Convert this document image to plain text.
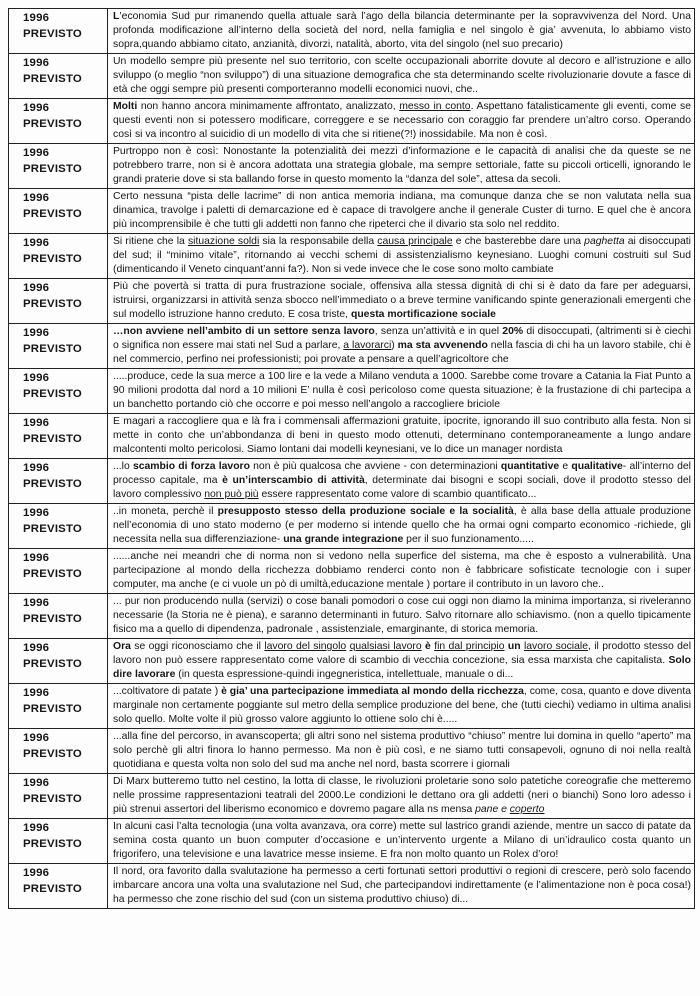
1996
PREVISTO	L’economia Sud pur rimanendo quella attuale sarà l’ago della bilancia determinante per la sopravvivenza del Nord. Una profonda modificazione all’interno della società del nord, nella famiglia e nel singolo è gia’ avvenuta, lo abbiamo visto sopra,quando abbiamo citato, anzianità, divorzi, natalità, aborto, vita del singolo (nel suo precario)

1996
PREVISTO	Un modello sempre più presente nel suo territorio, con scelte occupazionali aborrite dovute al decoro e all’istruzione e allo sviluppo (o meglio “non sviluppo”) di una situazione demografica che sta determinando scelte rivoluzionarie dovute a fasce di età che oggi sempre più presenti comporteranno modelli economici nuovi, che..

1996
PREVISTO	Molti non hanno ancora minimamente affrontato, analizzato, messo in conto. Aspettano fatalisticamente gli eventi, come se questi eventi non si potessero modificare, correggere e se necessario con coraggio far prendere un’altro corso. Operando così si va incontro al suicidio di un modello di vita che si ritiene(?!) inossidabile. Ma non è così.

1996
PREVISTO	Purtroppo non è così: Nonostante la potenzialità dei mezzi d’informazione e le capacità di analisi che da queste se ne potrebbero trarre, non si è ancora adottata una strategia globale, ma sempre settoriale, fatte su piccoli orticelli, ignorando le grandi praterie dove si sta ballando forse in questo momento la “danza del sole”, attesa da secoli.

1996
PREVISTO	Certo nessuna “pista delle lacrime” di non antica memoria indiana, ma comunque danza che se non valutata nella sua dinamica, travolge i paletti di demarcazione ed è capace di travolgere anche il generale Custer di turno. E quel che è ancora più incomprensibile è che tutti gli addetti non fanno che ripeterci che il divario sta solo nel reddito.

1996
PREVISTO	Si ritiene che la situazione soldi sia la responsabile della causa principale e che basterebbe dare una paghetta ai disoccupati del sud; il “minimo vitale”, ritornando ai vecchi schemi di assistenzialismo keynesiano. Luoghi comuni costruiti sul Sud (dimenticando il Veneto cinquant’anni fa?). Non si vede invece che le cose sono molto cambiate

1996
PREVISTO	Più che povertà si tratta di pura frustrazione sociale, offensiva alla stessa dignità di chi si è dato da fare per adeguarsi, istruirsi, organizzarsi in attività senza sbocco nell’immediato o a breve termine vanificando spinte generazionali emergenti che sul modello istruzione hanno creduto. E cosa triste, questa mortificazione sociale

1996
PREVISTO	…non avviene nell’ambito di un settore senza lavoro, senza un’attività e in quel 20% di disoccupati, (altrimenti si è ciechi o significa non essere mai stati nel Sud a parlare, a lavorarci) ma sta avvenendo nella fascia di chi ha un lavoro stabile, chi è nel commercio, perfino nei professionisti; poi provate a pensare a quell’agricoltore che

1996
PREVISTO	.....produce, cede la sua merce a 100 lire e la vede a Milano venduta a 1000. Sarebbe come trovare a Catania la Fiat Punto a 90 milioni prodotta dal nord a 10 milioni E’ nulla è così pericoloso come questa situazione; è la frustazione di chi partecipa a un banchetto portando ciò che occorre e poi messo nell’angolo a raccogliere briciole

1996
PREVISTO	E magari a raccogliere qua e là fra i commensali affermazioni gratuite, ipocrite, ignorando ill suo contributo alla festa. Non si mette in conto che un’abbondanza di beni in questo modo ottenuti, determinano contemporaneamente a lungo andare malcontenti molto pericolosi. Siamo lontani dai modelli keynesiani, ve lo dice un manager nordista

1996
PREVISTO	...lo scambio di forza lavoro non è più qualcosa che avviene - con determinazioni quantitative e qualitative- all’interno del processo capitale, ma è un’interscambio di attività, determinate dai bisogni e scopi sociali, dove il prodotto stesso del lavoro complessivo non può più essere rappresentato come valore di scambio quantificato...

1996
PREVISTO	..in moneta, perchè il presupposto stesso della produzione sociale e la socialità, è alla base della attuale produzione nell’economia di uno stato moderno (e per moderno si intende quello che ha ormai ogni comparto economico -richiede, gli necessita nella sua differenziazione- una grande integrazione per il suo funzionamento.....

1996
PREVISTO	......anche nei meandri che di norma non si vedono nella superfice del sistema, ma che è esposto a vulnerabilità. Una partecipazione al mondo della ricchezza dobbiamo renderci conto non è fabbricare sofisticate tecnologie con i super computer, ma anche (e ci vuole un pò di umiltà,educazione mentale ) portare il contributo in un lavoro che..

1996
PREVISTO	... pur non producendo nulla (servizi) o cose banali pomodori o cose cui oggi non diamo la minima importanza, si riveleranno necessarie (la Storia ne è piena), e saranno determinanti in futuro. Salvo ritornare allo schiavismo. (non a quello tipicamente fisico ma a quello di dipendenza, padronale , assistenziale, emarginante, di storica memoria.

1996
PREVISTO	Ora se oggi riconosciamo che il lavoro del singolo qualsiasi lavoro è fin dal principio un lavoro sociale, il prodotto stesso del lavoro non può essere rappresentato come valore di scambio di vecchia concezione, sia essa marxista che capitalista. Solo dire lavorare (in questa espressione-quindi ingegneristica, intellettuale, manuale o di...

1996
PREVISTO	...coltivatore di patate ) è gia’ una partecipazione immediata al mondo della ricchezza, come, cosa, quanto e dove diventa marginale non certamente poggiante sul metro della semplice produzione del bene, che (tutti ciechi) vediamo in ultima analisi solo quello. Molte volte il più grosso valore aggiunto lo ottiene solo chi è.....

1996
PREVISTO	...alla fine del percorso, in avanscoperta; gli altri sono nel sistema produttivo “chiuso” mentre lui domina in quello “aperto” ma solo perchè gli altri finora lo hanno permesso. Ma non è più così, e ne siamo tutti consapevoli, ognuno di noi nella realtà quotidiana e questa volta non solo del sud ma anche nel nord, basta scorrere i giornali

1996
PREVISTO	Di Marx butteremo tutto nel cestino, la lotta di classe, le rivoluzioni proletarie sono solo patetiche coreografie che metteremo nelle prossime rappresentazioni teatrali del 2000.Le condizioni le dettano ora gli addetti (neri o bianchi) Sono loro adesso i più strenui assertori del liberismo economico e dovremo pagare alla ns mensa pane e coperto

1996
PREVISTO	In alcuni casi l’alta tecnologia (una volta avanzava, ora corre) mette sul lastrico grandi aziende, mentre un sacco di patate da semina costa quanto un buon computer d’occasione e un’intervento urgente a Milano di un’idraulico costa quanto un frigorifero, una televisione e una lavatrice messe insieme. E fra non molto quanto un Rolex d’oro!

1996
PREVISTO	Il nord, ora favorito dalla svalutazione ha permesso a certi fortunati settori produttivi o regioni di crescere, però solo facendo imbarcare ancora una volta una svalutazione nel Sud, che partecipandovi indirettamente (e l’alimentazione non è poca cosa!) ha permesso che zone rischio del sud (con un sistema produttivo chiuso) di...
